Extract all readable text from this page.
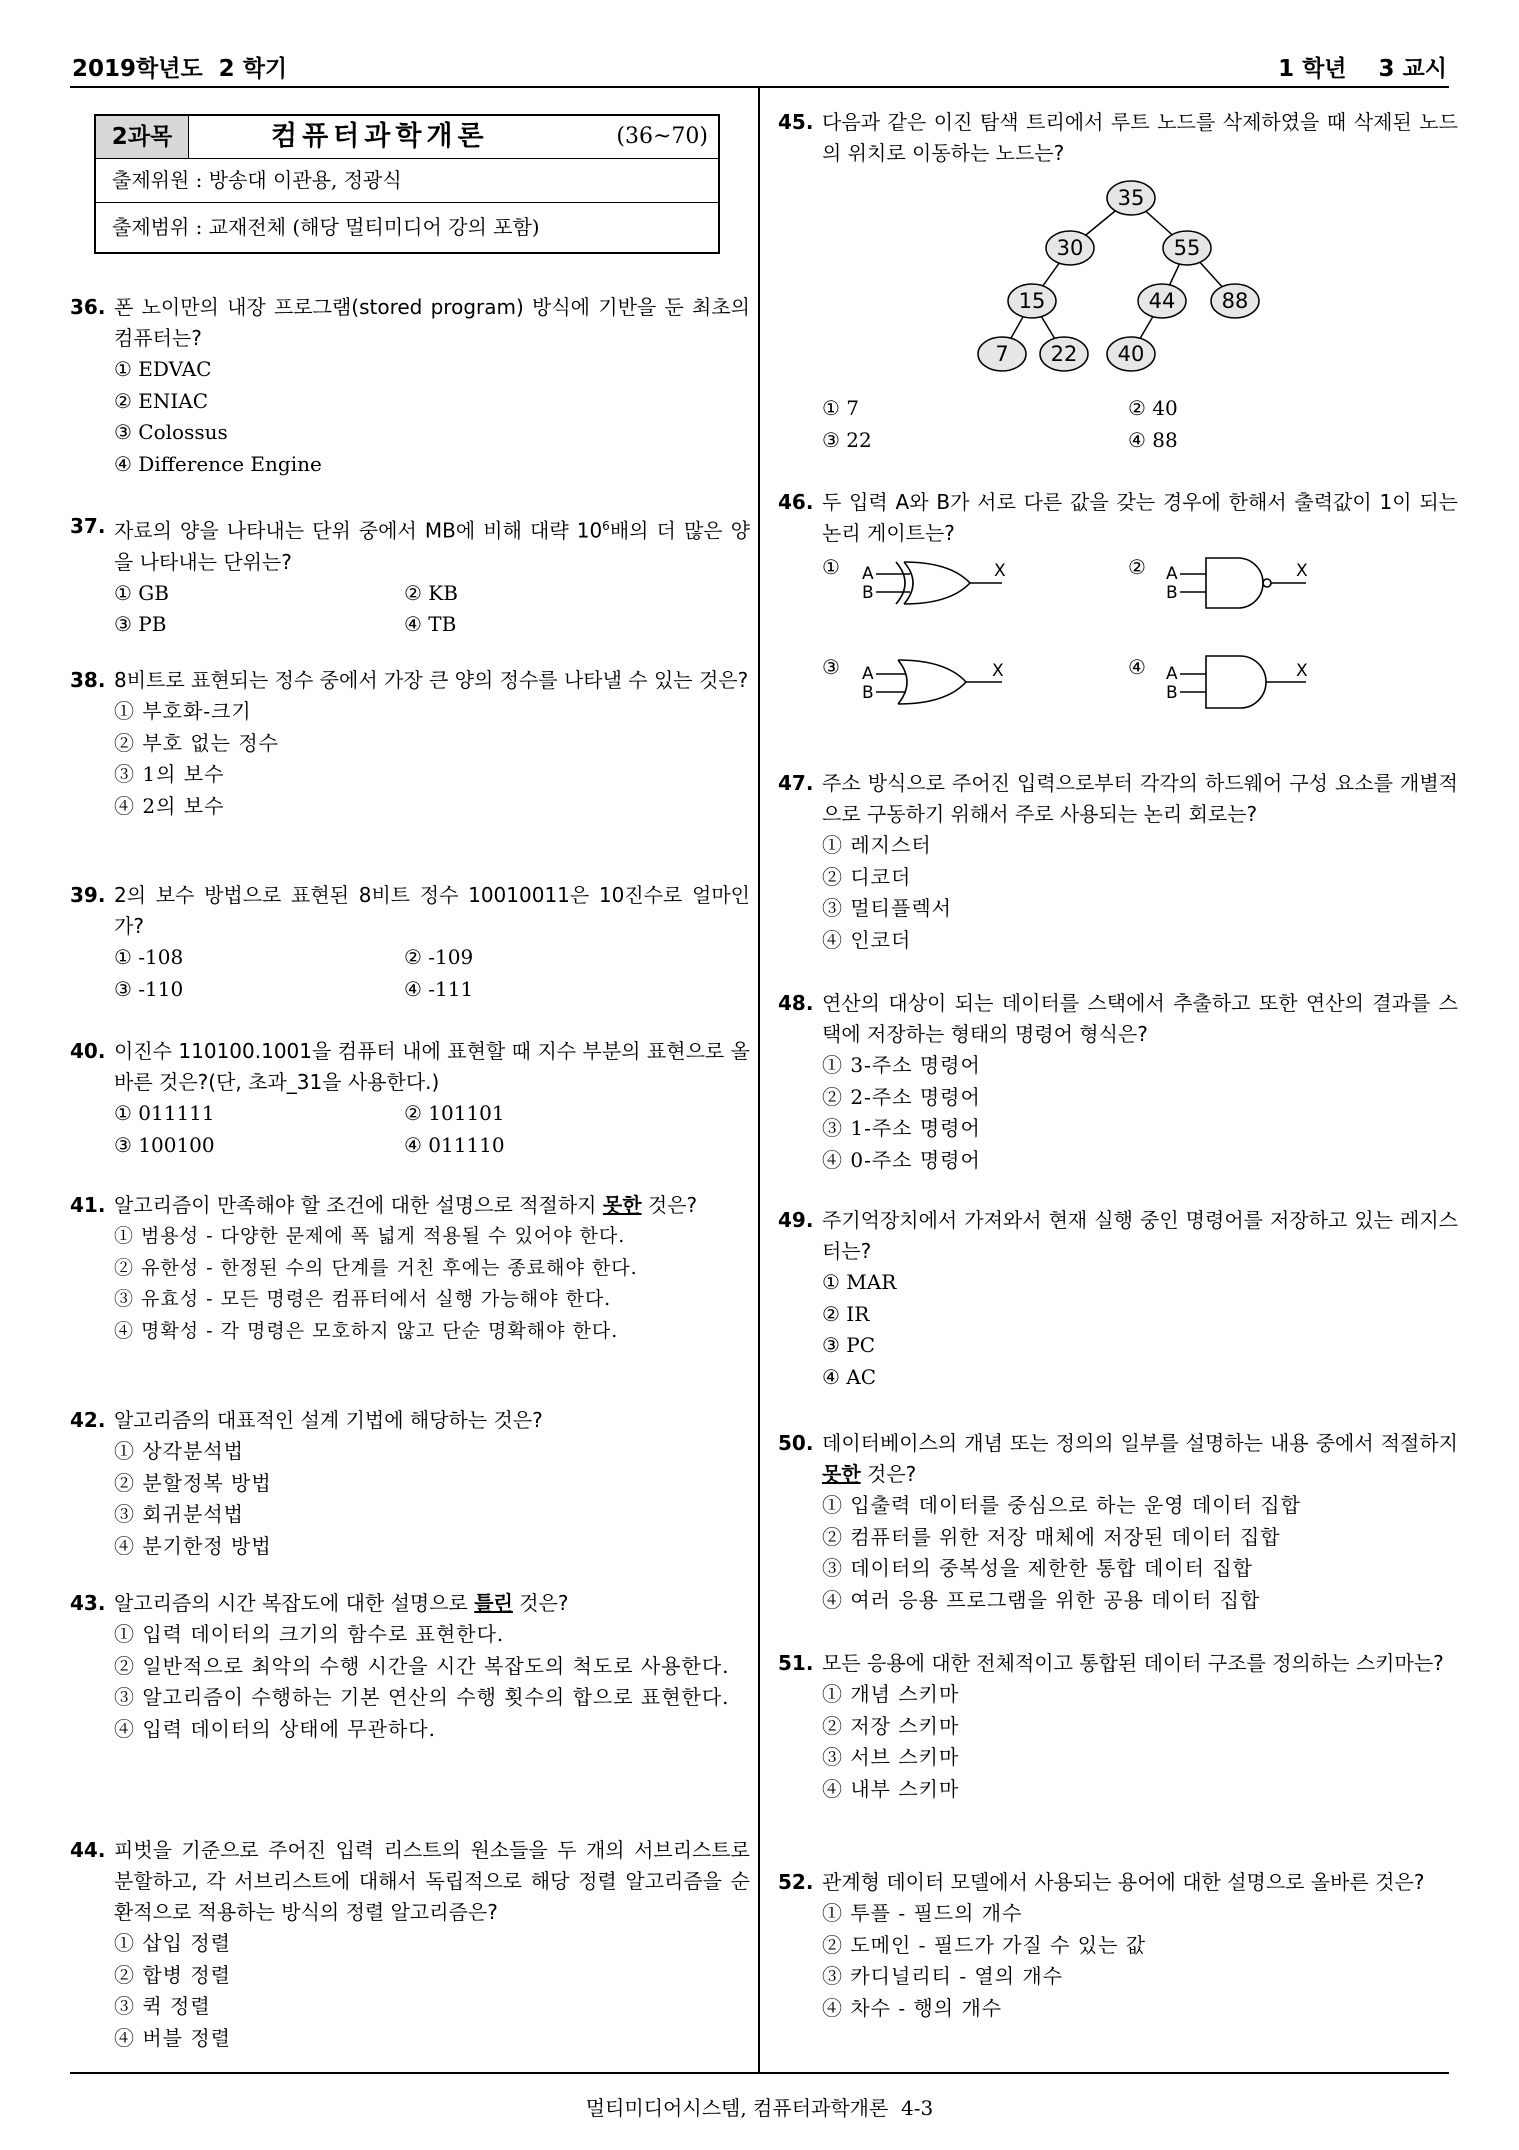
2019학년도  2 학기	1 학년    3 교시
2과목	컴퓨터과학개론	(36~70)
출제위원 : 방송대 이관용, 정광식
출제범위 : 교재전체 (해당 멀티미디어 강의 포함)
36. 폰 노이만의 내장 프로그램(stored program) 방식에 기반을 둔 최초의 컴퓨터는?
① EDVAC
② ENIAC
③ Colossus
④ Difference Engine
37. 자료의 양을 나타내는 단위 중에서 MB에 비해 대략 $10^6$배의 더 많은 양을 나타내는 단위는?
① GB	② KB
③ PB	④ TB
38. 8비트로 표현되는 정수 중에서 가장 큰 양의 정수를 나타낼 수 있는 것은?
① 부호화-크기
② 부호 없는 정수
③ 1의 보수
④ 2의 보수
39. 2의 보수 방법으로 표현된 8비트 정수 10010011은 10진수로 얼마인가?
① -108	② -109
③ -110	④ -111
40. 이진수 110100.1001을 컴퓨터 내에 표현할 때 지수 부분의 표현으로 올바른 것은?(단, 초과_31을 사용한다.)
① 011111	② 101101
③ 100100	④ 011110
41. 알고리즘이 만족해야 할 조건에 대한 설명으로 적절하지 못한 것은?
① 범용성 - 다양한 문제에 폭 넓게 적용될 수 있어야 한다.
② 유한성 - 한정된 수의 단계를 거친 후에는 종료해야 한다.
③ 유효성 - 모든 명령은 컴퓨터에서 실행 가능해야 한다.
④ 명확성 - 각 명령은 모호하지 않고 단순 명확해야 한다.
42. 알고리즘의 대표적인 설계 기법에 해당하는 것은?
① 상각분석법
② 분할정복 방법
③ 회귀분석법
④ 분기한정 방법
43. 알고리즘의 시간 복잡도에 대한 설명으로 틀린 것은?
① 입력 데이터의 크기의 함수로 표현한다.
② 일반적으로 최악의 수행 시간을 시간 복잡도의 척도로 사용한다.
③ 알고리즘이 수행하는 기본 연산의 수행 횟수의 합으로 표현한다.
④ 입력 데이터의 상태에 무관하다.
44. 피벗을 기준으로 주어진 입력 리스트의 원소들을 두 개의 서브리스트로 분할하고, 각 서브리스트에 대해서 독립적으로 해당 정렬 알고리즘을 순환적으로 적용하는 방식의 정렬 알고리즘은?
① 삽입 정렬
② 합병 정렬
③ 퀵 정렬
④ 버블 정렬
45. 다음과 같은 이진 탐색 트리에서 루트 노드를 삭제하였을 때 삭제된 노드의 위치로 이동하는 노드는?
35
30	55
15	44 88
7 22 40
① 7	② 40
③ 22	④ 88
46. 두 입력 A와 B가 서로 다른 값을 갖는 경우에 한해서 출력값이 1이 되는 논리 게이트는?
①	②
③	④
A
B
X	A
B
X
A
B
X	A
B
X
47. 주소 방식으로 주어진 입력으로부터 각각의 하드웨어 구성 요소를 개별적으로 구동하기 위해서 주로 사용되는 논리 회로는?
① 레지스터
② 디코더
③ 멀티플렉서
④ 인코더
48. 연산의 대상이 되는 데이터를 스택에서 추출하고 또한 연산의 결과를 스택에 저장하는 형태의 명령어 형식은?
① 3-주소 명령어
② 2-주소 명령어
③ 1-주소 명령어
④ 0-주소 명령어
49. 주기억장치에서 가져와서 현재 실행 중인 명령어를 저장하고 있는 레지스터는?
① MAR
② IR
③ PC
④ AC
50. 데이터베이스의 개념 또는 정의의 일부를 설명하는 내용 중에서 적절하지 못한 것은?
① 입출력 데이터를 중심으로 하는 운영 데이터 집합
② 컴퓨터를 위한 저장 매체에 저장된 데이터 집합
③ 데이터의 중복성을 제한한 통합 데이터 집합
④ 여러 응용 프로그램을 위한 공용 데이터 집합
51. 모든 응용에 대한 전체적이고 통합된 데이터 구조를 정의하는 스키마는?
① 개념 스키마
② 저장 스키마
③ 서브 스키마
④ 내부 스키마
52. 관계형 데이터 모델에서 사용되는 용어에 대한 설명으로 올바른 것은?
① 투플 - 필드의 개수
② 도메인 - 필드가 가질 수 있는 값
③ 카디널리티 - 열의 개수
④ 차수 - 행의 개수
멀티미디어시스템, 컴퓨터과학개론  4-3
